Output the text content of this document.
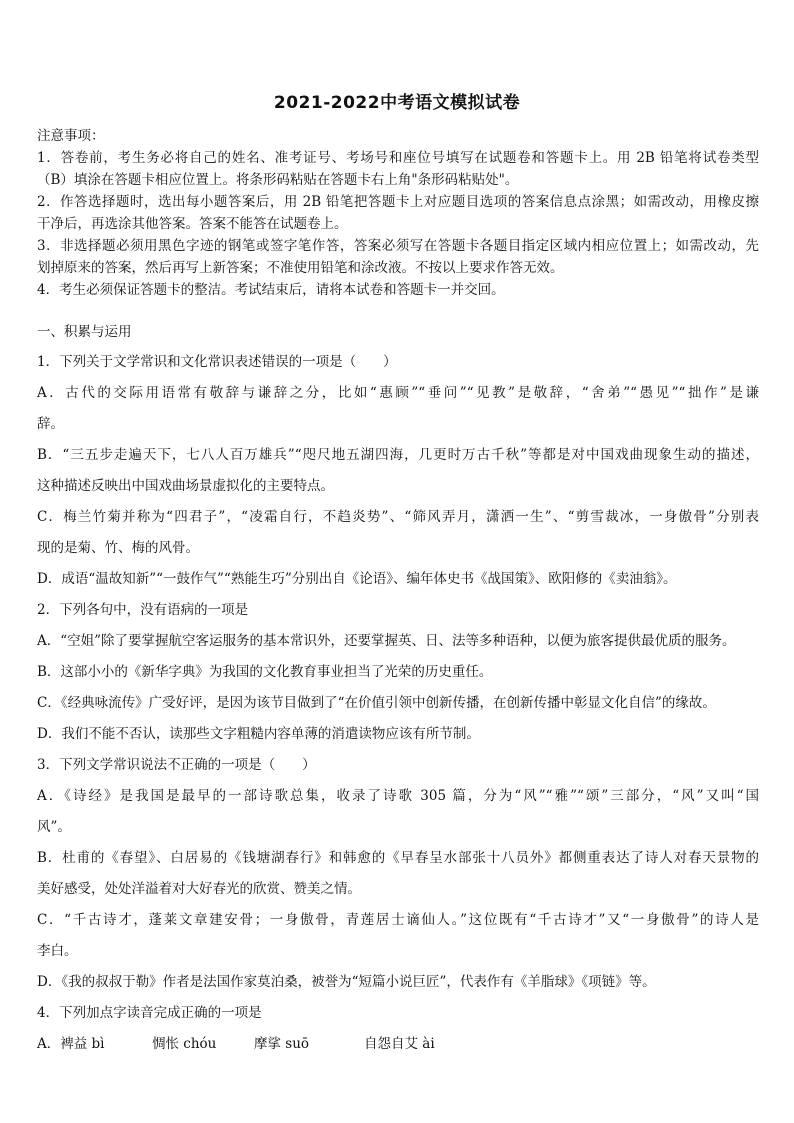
2021-2022中考语文模拟试卷
注意事项：
1．答卷前，考生务必将自己的姓名、准考证号、考场号和座位号填写在试题卷和答题卡上。用 2B 铅笔将试卷类型
（B）填涂在答题卡相应位置上。将条形码粘贴在答题卡右上角"条形码粘贴处"。
2．作答选择题时，选出每小题答案后，用 2B 铅笔把答题卡上对应题目选项的答案信息点涂黑；如需改动，用橡皮擦
干净后，再选涂其他答案。答案不能答在试题卷上。
3．非选择题必须用黑色字迹的钢笔或签字笔作答，答案必须写在答题卡各题目指定区域内相应位置上；如需改动，先
划掉原来的答案，然后再写上新答案；不准使用铅笔和涂改液。不按以上要求作答无效。
4．考生必须保证答题卡的整洁。考试结束后，请将本试卷和答题卡一并交回。
一、积累与运用
1．下列关于文学常识和文化常识表述错误的一项是（　　）
A．古代的交际用语常有敬辞与谦辞之分，比如“惠顾”“垂问”“见教”是敬辞，“舍弟”“愚见”“拙作”是谦
辞。
B．“三五步走遍天下，七八人百万雄兵”“咫尺地五湖四海，几更时万古千秋”等都是对中国戏曲现象生动的描述，
这种描述反映出中国戏曲场景虚拟化的主要特点。
C．梅兰竹菊并称为“四君子”，“凌霜自行，不趋炎势”、“筛风弄月，潇洒一生”、“剪雪裁冰，一身傲骨”分别表
现的是菊、竹、梅的风骨。
D．成语“温故知新”“一鼓作气”“熟能生巧”分别出自《论语》、编年体史书《战国策》、欧阳修的《卖油翁》。
2．下列各句中，没有语病的一项是
A．“空姐”除了要掌握航空客运服务的基本常识外，还要掌握英、日、法等多种语种，以便为旅客提供最优质的服务。
B．这部小小的《新华字典》为我国的文化教育事业担当了光荣的历史重任。
C．《经典咏流传》广受好评，是因为该节目做到了“在价值引领中创新传播，在创新传播中彰显文化自信”的缘故。
D．我们不能不否认，读那些文字粗糙内容单薄的消遣读物应该有所节制。
3．下列文学常识说法不正确的一项是（　　）
A．《诗经》是我国是最早的一部诗歌总集，收录了诗歌 305 篇，分为“风”“雅”“颂”三部分，“风”又叫“国
风”。
B．杜甫的《春望》、白居易的《钱塘湖春行》和韩愈的《早春呈水部张十八员外》都侧重表达了诗人对春天景物的
美好感受，处处洋溢着对大好春光的欣赏、赞美之情。
C．“千古诗才，蓬莱文章建安骨；一身傲骨，青莲居士谪仙人。”这位既有“千古诗才”又“一身傲骨”的诗人是
李白。
D．《我的叔叔于勒》作者是法国作家莫泊桑，被誉为“短篇小说巨匠”，代表作有《羊脂球》《项链》等。
4．下列加点字读音完成正确的一项是
A．裨益 bì	惆怅 chóu	摩挲 suō	自怨自艾 ài
